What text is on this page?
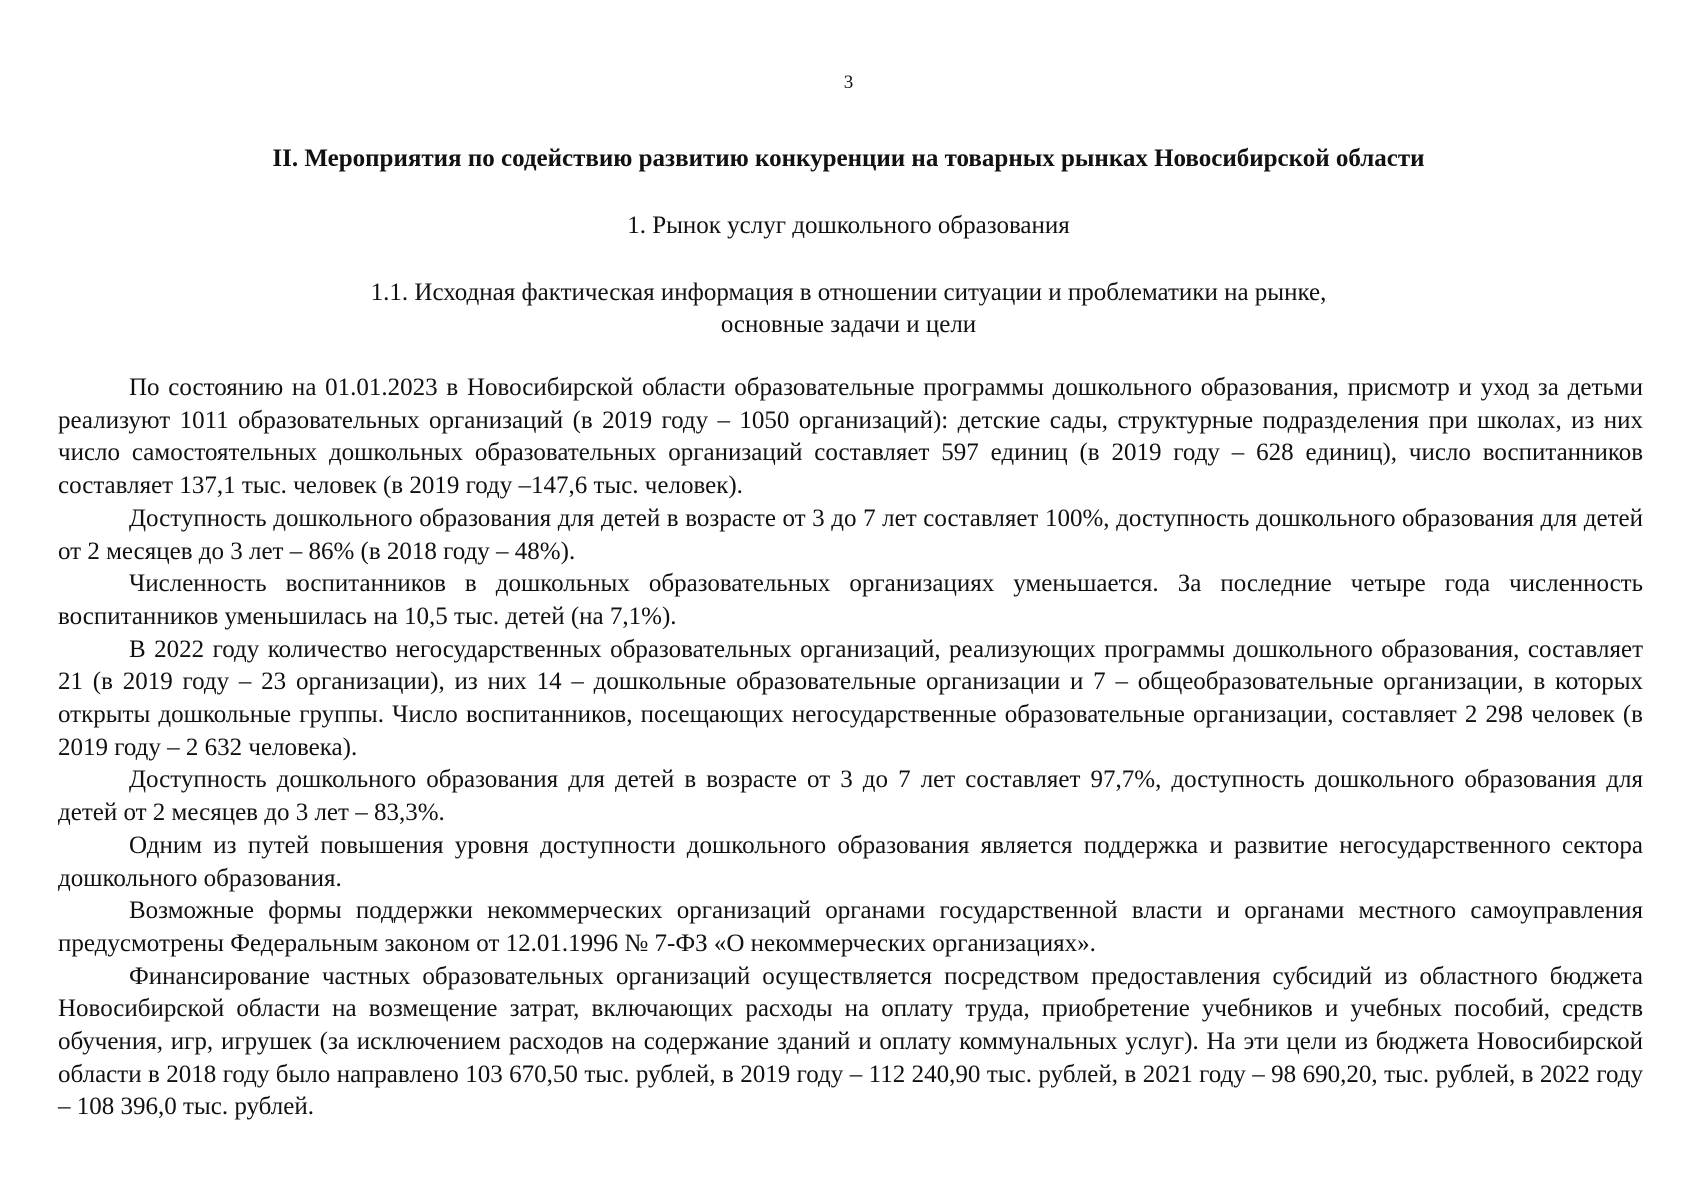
3
II. Мероприятия по содействию развитию конкуренции на товарных рынках Новосибирской области
1. Рынок услуг дошкольного образования
1.1. Исходная фактическая информация в отношении ситуации и проблематики на рынке,
основные задачи и цели

По состоянию на 01.01.2023 в Новосибирской области образовательные программы дошкольного образования, присмотр и уход за детьми реализуют 1011 образовательных организаций (в 2019 году – 1050 организаций): детские сады, структурные подразделения при школах, из них число самостоятельных дошкольных образовательных организаций составляет 597 единиц (в 2019 году – 628 единиц), число воспитанников составляет 137,1 тыс. человек (в 2019 году –147,6 тыс. человек).

Доступность дошкольного образования для детей в возрасте от 3 до 7 лет составляет 100%, доступность дошкольного образования для детей от 2 месяцев до 3 лет – 86% (в 2018 году – 48%).

Численность воспитанников в дошкольных образовательных организациях уменьшается. За последние четыре года численность воспитанников уменьшилась на 10,5 тыс. детей (на 7,1%).

В 2022 году количество негосударственных образовательных организаций, реализующих программы дошкольного образования, составляет 21 (в 2019 году – 23 организации), из них 14 – дошкольные образовательные организации и 7 – общеобразовательные организации, в которых открыты дошкольные группы. Число воспитанников, посещающих негосударственные образовательные организации, составляет 2 298 человек (в 2019 году – 2 632 человека).

Доступность дошкольного образования для детей в возрасте от 3 до 7 лет составляет 97,7%, доступность дошкольного образования для детей от 2 месяцев до 3 лет – 83,3%.

Одним из путей повышения уровня доступности дошкольного образования является поддержка и развитие негосударственного сектора дошкольного образования.

Возможные формы поддержки некоммерческих организаций органами государственной власти и органами местного самоуправления предусмотрены Федеральным законом от 12.01.1996 № 7-ФЗ «О некоммерческих организациях».

Финансирование частных образовательных организаций осуществляется посредством предоставления субсидий из областного бюджета Новосибирской области на возмещение затрат, включающих расходы на оплату труда, приобретение учебников и учебных пособий, средств обучения, игр, игрушек (за исключением расходов на содержание зданий и оплату коммунальных услуг). На эти цели из бюджета Новосибирской области в 2018 году было направлено 103 670,50 тыс. рублей, в 2019 году – 112 240,90 тыс. рублей, в 2021 году – 98 690,20, тыс. рублей, в 2022 году – 108 396,0 тыс. рублей.
